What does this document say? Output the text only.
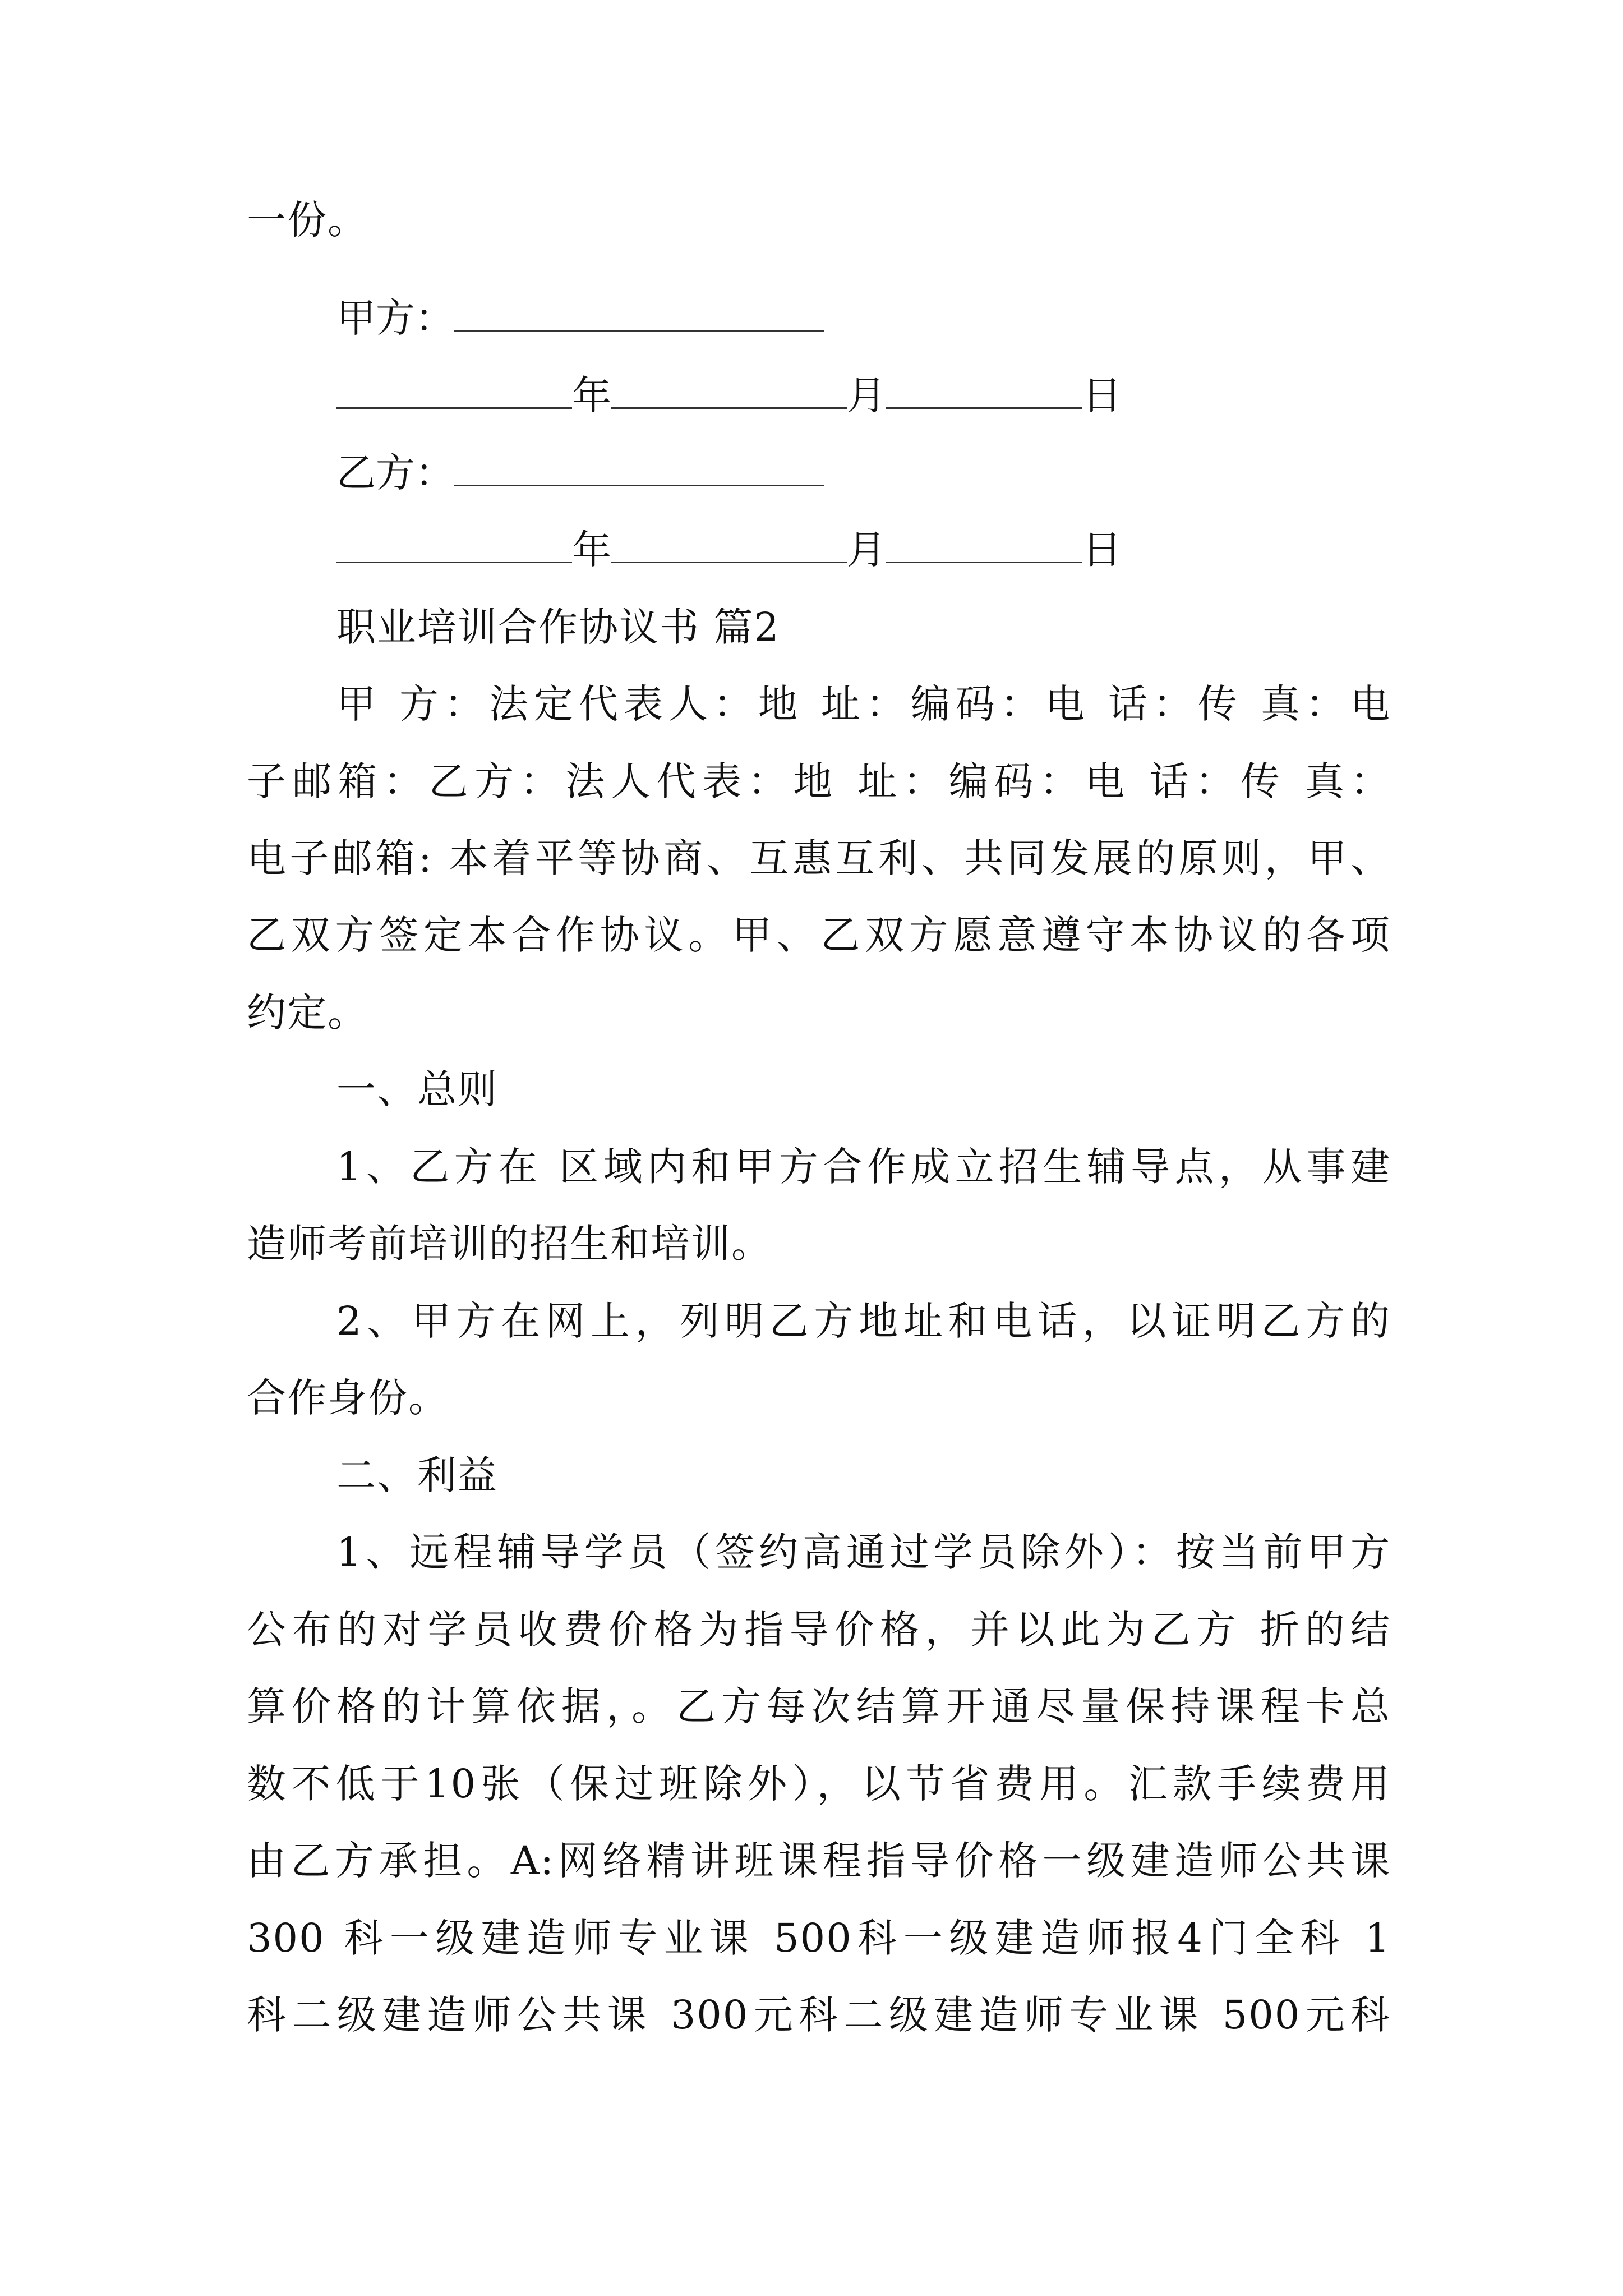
一份。
甲方：
年	月	日
乙方：
年	月	日
职业培训合作协议书 篇2
甲 方：法定代表人：地 址：编码：电 话：传 真：电
子邮箱：乙方：法人代表：地 址：编码：电 话：传 真：
电子邮箱: 本着平等协商、互惠互利、共同发展的原则，甲、
乙双方签定本合作协议。甲、乙双方愿意遵守本协议的各项
约定。
一、总则
1、乙方在 区域内和甲方合作成立招生辅导点，从事建
造师考前培训的招生和培训。
2、甲方在网上，列明乙方地址和电话，以证明乙方的
合作身份。
二、利益
1、远程辅导学员（签约高通过学员除外）：按当前甲方
公布的对学员收费价格为指导价格，并以此为乙方 折的结
算价格的计算依据，。乙方每次结算开通尽量保持课程卡总
数不低于10张（保过班除外），以节省费用。汇款手续费用
由乙方承担。A:网络精讲班课程指导价格一级建造师公共课
300 科一级建造师专业课 500科一级建造师报4门全科 1
科二级建造师公共课 300元科二级建造师专业课 500元科
